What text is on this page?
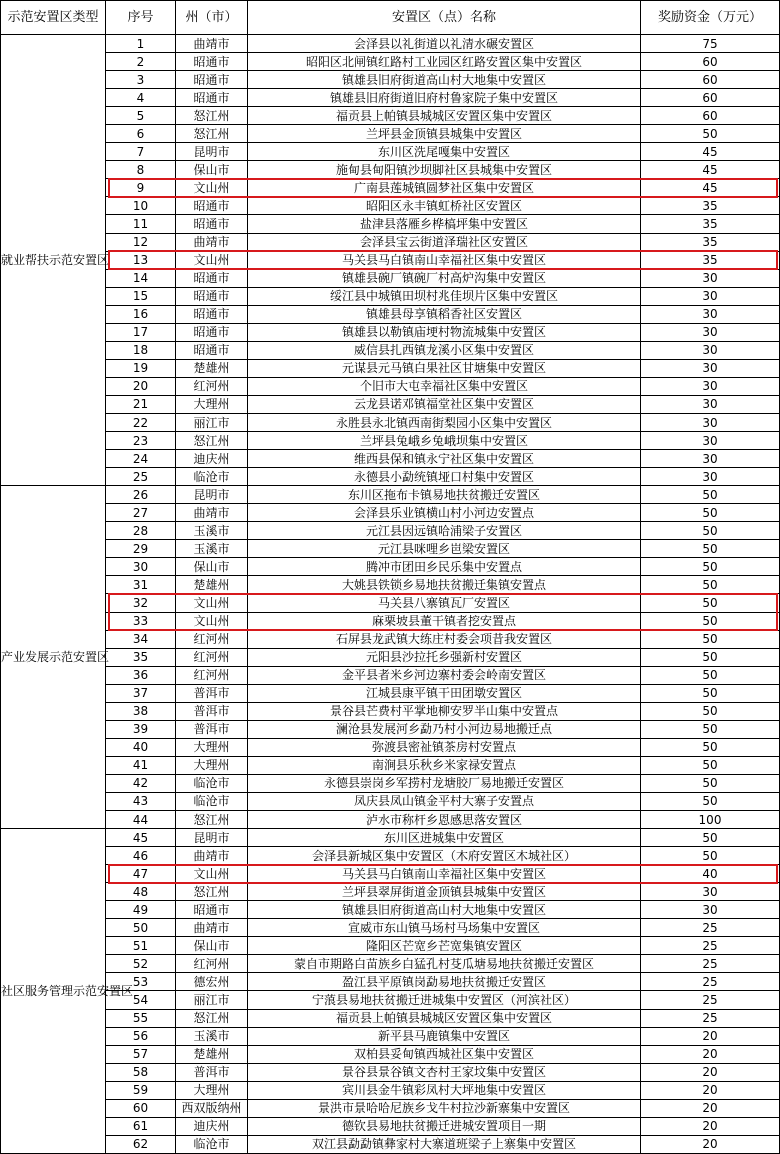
示范安置区类型	序号	州（市）	安置区（点）名称	奖励资金（万元）
就业帮扶示范安置区	1	曲靖市	会泽县以礼街道以礼清水碾安置区	75
	2	昭通市	昭阳区北闸镇红路村工业园区红路安置区集中安置区	60
	3	昭通市	镇雄县旧府街道高山村大地集中安置区	60
	4	昭通市	镇雄县旧府街道旧府村鲁家院子集中安置区	60
	5	怒江州	福贡县上帕镇县城城区安置区集中安置区	60
	6	怒江州	兰坪县金顶镇县城集中安置区	50
	7	昆明市	东川区洗尾嘎集中安置区	45
	8	保山市	施甸县甸阳镇沙坝脚社区县城集中安置区	45
	9	文山州	广南县莲城镇圆梦社区集中安置区	45
	10	昭通市	昭阳区永丰镇虹桥社区安置区	35
	11	昭通市	盐津县落雁乡桦槁坪集中安置区	35
	12	曲靖市	会泽县宝云街道泽瑞社区安置区	35
	13	文山州	马关县马白镇南山幸福社区集中安置区	35
	14	昭通市	镇雄县碗厂镇碗厂村高炉沟集中安置区	30
	15	昭通市	绥江县中城镇田坝村兆佳坝片区集中安置区	30
	16	昭通市	镇雄县母享镇稻香社区安置区	30
	17	昭通市	镇雄县以勒镇庙埂村物流城集中安置区	30
	18	昭通市	威信县扎西镇龙溪小区集中安置区	30
	19	楚雄州	元谋县元马镇白果社区甘塘集中安置区	30
	20	红河州	个旧市大屯幸福社区集中安置区	30
	21	大理州	云龙县诺邓镇福堂社区集中安置区	30
	22	丽江市	永胜县永北镇西南街梨园小区集中安置区	30
	23	怒江州	兰坪县兔峨乡兔峨坝集中安置区	30
	24	迪庆州	维西县保和镇永宁社区集中安置区	30
	25	临沧市	永德县小勐统镇垭口村集中安置区	30
产业发展示范安置区	26	昆明市	东川区拖布卡镇易地扶贫搬迁安置区	50
	27	曲靖市	会泽县乐业镇横山村小河边安置点	50
	28	玉溪市	元江县因远镇哈浦梁子安置区	50
	29	玉溪市	元江县咪哩乡岜梁安置区	50
	30	保山市	腾冲市团田乡民乐集中安置点	50
	31	楚雄州	大姚县铁锁乡易地扶贫搬迁集镇安置点	50
	32	文山州	马关县八寨镇瓦厂安置区	50
	33	文山州	麻栗坡县董干镇者挖安置点	50
	34	红河州	石屏县龙武镇大练庄村委会项昔我安置区	50
	35	红河州	元阳县沙拉托乡强新村安置区	50
	36	红河州	金平县者米乡河边寨村委会岭南安置区	50
	37	普洱市	江城县康平镇干田团墩安置区	50
	38	普洱市	景谷县芒费村平掌地柳安罗半山集中安置点	50
	39	普洱市	澜沧县发展河乡勐乃村小河边易地搬迁点	50
	40	大理州	弥渡县密祉镇茶房村安置点	50
	41	大理州	南涧县乐秋乡米家禄安置点	50
	42	临沧市	永德县崇岗乡军捞村龙塘胶厂易地搬迁安置区	50
	43	临沧市	凤庆县凤山镇金平村大寨子安置点	50
	44	怒江州	泸水市称杆乡恩感思落安置区	100
社区服务管理示范安置区	45	昆明市	东川区进城集中安置区	50
	46	曲靖市	会泽县新城区集中安置区（木府安置区木城社区）	50
	47	文山州	马关县马白镇南山幸福社区集中安置区	40
	48	怒江州	兰坪县翠屏街道金顶镇县城集中安置区	30
	49	昭通市	镇雄县旧府街道高山村大地集中安置区	30
	50	曲靖市	宣威市东山镇马场村马场集中安置区	25
	51	保山市	隆阳区芒宽乡芒宽集镇安置区	25
	52	红河州	蒙自市期路白苗族乡白猛孔村芟瓜塘易地扶贫搬迁安置区	25
	53	德宏州	盈江县平原镇岗勐易地扶贫搬迁安置区	25
	54	丽江市	宁蒗县易地扶贫搬迁进城集中安置区（河滨社区）	25
	55	怒江州	福贡县上帕镇县城城区安置区集中安置区	25
	56	玉溪市	新平县马鹿镇集中安置区	20
	57	楚雄州	双柏县妥甸镇西城社区集中安置区	20
	58	普洱市	景谷县景谷镇文杏村王家坟集中安置区	20
	59	大理州	宾川县金牛镇彩凤村大坪地集中安置区	20
	60	西双版纳州	景洪市景哈哈尼族乡戈牛村拉沙新寨集中安置区	20
	61	迪庆州	德钦县易地扶贫搬迁进城安置项目一期	20
	62	临沧市	双江县勐勐镇彝家村大寨道班梁子上寨集中安置区	20
